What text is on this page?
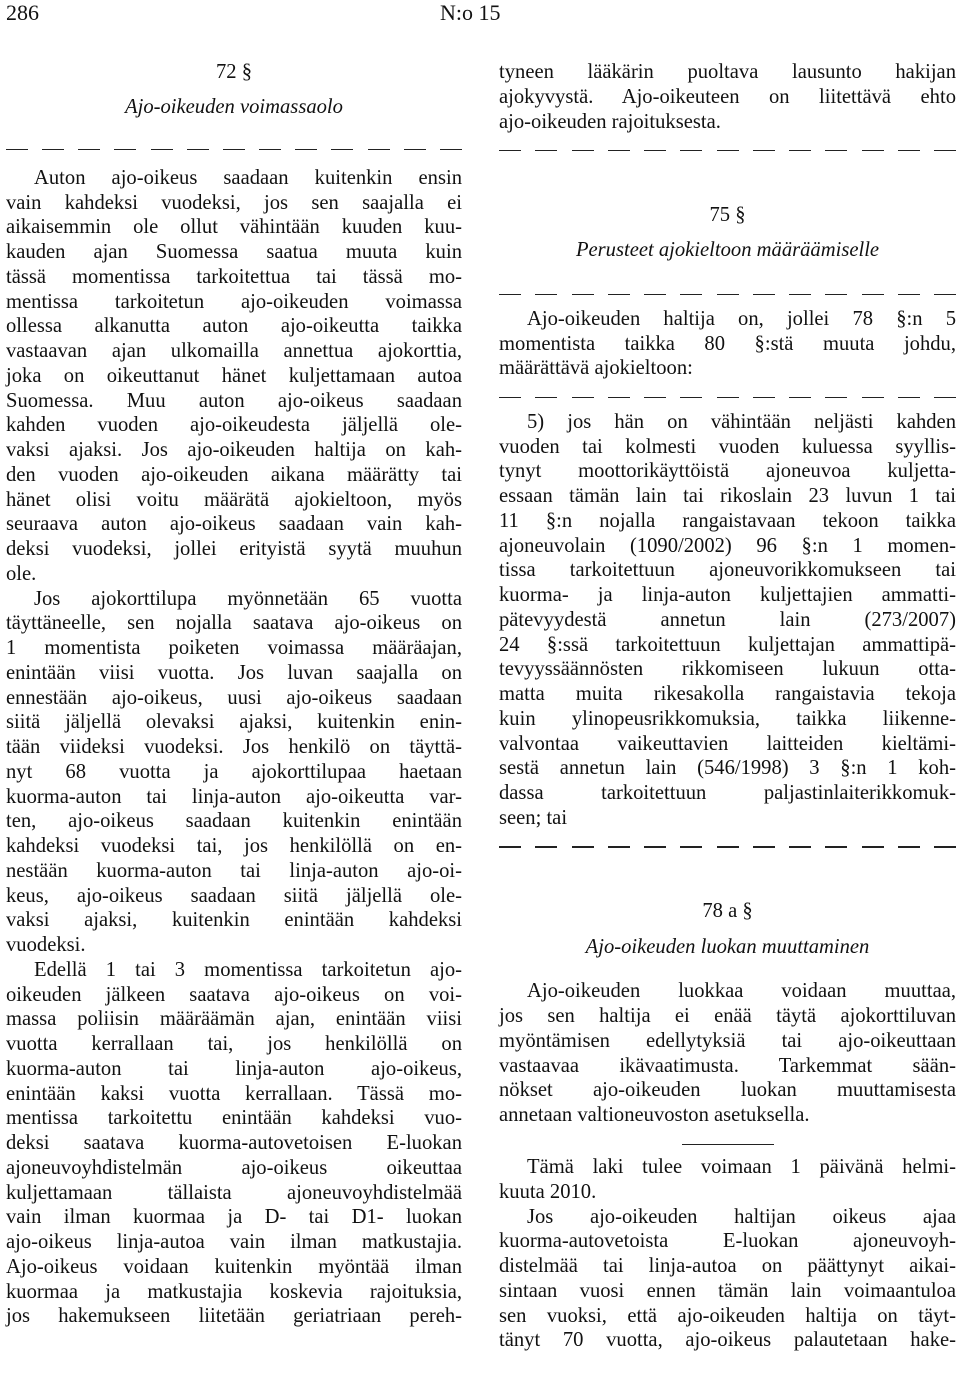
286	N:o 15
72 §
Ajo-oikeuden voimassaolo
Auton ajo-oikeus saadaan kuitenkin ensin
vain kahdeksi vuodeksi, jos sen saajalla ei
aikaisemmin ole ollut vähintään kuuden kuu-
kauden ajan Suomessa saatua muuta kuin
tässä momentissa tarkoitettua tai tässä mo-
mentissa tarkoitetun ajo-oikeuden voimassa
ollessa alkanutta auton ajo-oikeutta taikka
vastaavan ajan ulkomailla annettua ajokorttia,
joka on oikeuttanut hänet kuljettamaan autoa
Suomessa. Muu auton ajo-oikeus saadaan
kahden vuoden ajo-oikeudesta jäljellä ole-
vaksi ajaksi. Jos ajo-oikeuden haltija on kah-
den vuoden ajo-oikeuden aikana määrätty tai
hänet olisi voitu määrätä ajokieltoon, myös
seuraava auton ajo-oikeus saadaan vain kah-
deksi vuodeksi, jollei erityistä syytä muuhun
ole.
Jos ajokorttilupa myönnetään 65 vuotta
täyttäneelle, sen nojalla saatava ajo-oikeus on
1 momentista poiketen voimassa määräajan,
enintään viisi vuotta. Jos luvan saajalla on
ennestään ajo-oikeus, uusi ajo-oikeus saadaan
siitä jäljellä olevaksi ajaksi, kuitenkin enin-
tään viideksi vuodeksi. Jos henkilö on täyttä-
nyt 68 vuotta ja ajokorttilupaa haetaan
kuorma-auton tai linja-auton ajo-oikeutta var-
ten, ajo-oikeus saadaan kuitenkin enintään
kahdeksi vuodeksi tai, jos henkilöllä on en-
nestään kuorma-auton tai linja-auton ajo-oi-
keus, ajo-oikeus saadaan siitä jäljellä ole-
vaksi ajaksi, kuitenkin enintään kahdeksi
vuodeksi.
Edellä 1 tai 3 momentissa tarkoitetun ajo-
oikeuden jälkeen saatava ajo-oikeus on voi-
massa poliisin määräämän ajan, enintään viisi
vuotta kerrallaan tai, jos henkilöllä on
kuorma-auton tai linja-auton ajo-oikeus,
enintään kaksi vuotta kerrallaan. Tässä mo-
mentissa tarkoitettu enintään kahdeksi vuo-
deksi saatava kuorma-autovetoisen E-luokan
ajoneuvoyhdistelmän ajo-oikeus oikeuttaa
kuljettamaan tällaista ajoneuvoyhdistelmää
vain ilman kuormaa ja D- tai D1- luokan
ajo-oikeus linja-autoa vain ilman matkustajia.
Ajo-oikeus voidaan kuitenkin myöntää ilman
kuormaa ja matkustajia koskevia rajoituksia,
jos hakemukseen liitetään geriatriaan pereh-
tyneen lääkärin puoltava lausunto hakijan
ajokyvystä. Ajo-oikeuteen on liitettävä ehto
ajo-oikeuden rajoituksesta.
75 §
Perusteet ajokieltoon määräämiselle
Ajo-oikeuden haltija on, jollei 78 §:n 5
momentista taikka 80 §:stä muuta johdu,
määrättävä ajokieltoon:
5) jos hän on vähintään neljästi kahden
vuoden tai kolmesti vuoden kuluessa syyllis-
tynyt moottorikäyttöistä ajoneuvoa kuljetta-
essaan tämän lain tai rikoslain 23 luvun 1 tai
11 §:n nojalla rangaistavaan tekoon taikka
ajoneuvolain (1090/2002) 96 §:n 1 momen-
tissa tarkoitettuun ajoneuvorikkomukseen tai
kuorma- ja linja-auton kuljettajien ammatti-
pätevyydestä annetun lain (273/2007)
24 §:ssä tarkoitettuun kuljettajan ammattipä-
tevyyssäännösten rikkomiseen lukuun otta-
matta muita rikesakolla rangaistavia tekoja
kuin ylinopeusrikkomuksia, taikka liikenne-
valvontaa vaikeuttavien laitteiden kieltämi-
sestä annetun lain (546/1998) 3 §:n 1 koh-
dassa tarkoitettuun paljastinlaiterikkomuk-
seen; tai
78 a §
Ajo-oikeuden luokan muuttaminen
Ajo-oikeuden luokkaa voidaan muuttaa,
jos sen haltija ei enää täytä ajokorttiluvan
myöntämisen edellytyksiä tai ajo-oikeuttaan
vastaavaa ikävaatimusta. Tarkemmat sään-
nökset ajo-oikeuden luokan muuttamisesta
annetaan valtioneuvoston asetuksella.
Tämä laki tulee voimaan 1 päivänä helmi-
kuuta 2010.
Jos ajo-oikeuden haltijan oikeus ajaa
kuorma-autovetoista E-luokan ajoneuvoyh-
distelmää tai linja-autoa on päättynyt aikai-
sintaan vuosi ennen tämän lain voimaantuloa
sen vuoksi, että ajo-oikeuden haltija on täyt-
tänyt 70 vuotta, ajo-oikeus palautetaan hake-
